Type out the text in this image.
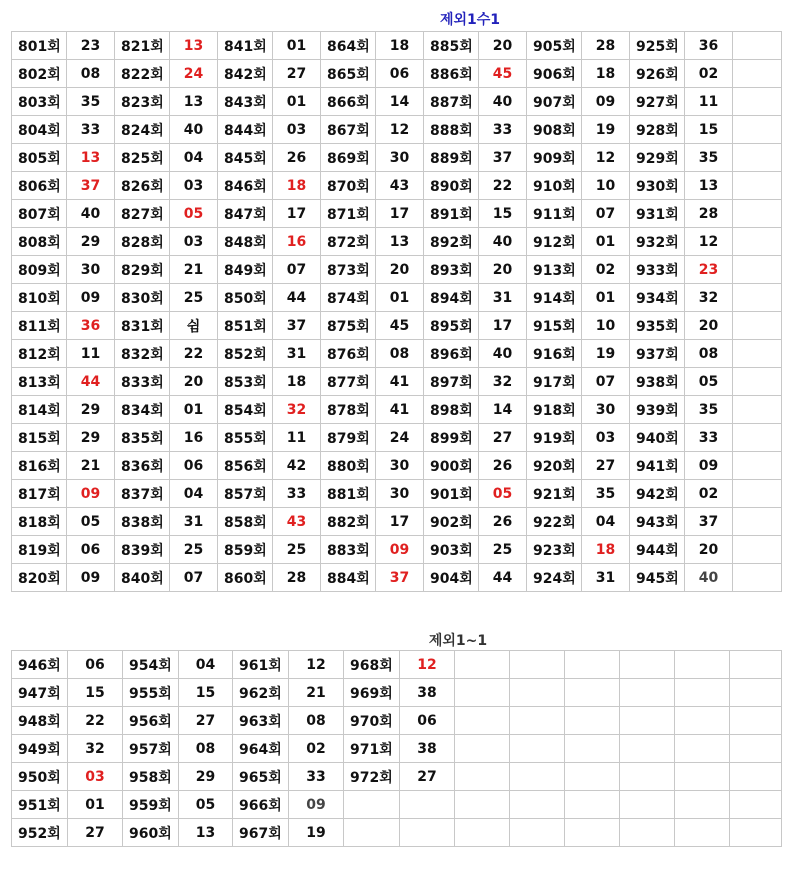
제외1수1
801회	23	821회	13	841회	01	864회	18	885회	20	905회	28	925회	36	
802회	08	822회	24	842회	27	865회	06	886회	45	906회	18	926회	02	
803회	35	823회	13	843회	01	866회	14	887회	40	907회	09	927회	11	
804회	33	824회	40	844회	03	867회	12	888회	33	908회	19	928회	15	
805회	13	825회	04	845회	26	869회	30	889회	37	909회	12	929회	35	
806회	37	826회	03	846회	18	870회	43	890회	22	910회	10	930회	13	
807회	40	827회	05	847회	17	871회	17	891회	15	911회	07	931회	28	
808회	29	828회	03	848회	16	872회	13	892회	40	912회	01	932회	12	
809회	30	829회	21	849회	07	873회	20	893회	20	913회	02	933회	23	
810회	09	830회	25	850회	44	874회	01	894회	31	914회	01	934회	32	
811회	36	831회	쉼	851회	37	875회	45	895회	17	915회	10	935회	20	
812회	11	832회	22	852회	31	876회	08	896회	40	916회	19	937회	08	
813회	44	833회	20	853회	18	877회	41	897회	32	917회	07	938회	05	
814회	29	834회	01	854회	32	878회	41	898회	14	918회	30	939회	35	
815회	29	835회	16	855회	11	879회	24	899회	27	919회	03	940회	33	
816회	21	836회	06	856회	42	880회	30	900회	26	920회	27	941회	09	
817회	09	837회	04	857회	33	881회	30	901회	05	921회	35	942회	02	
818회	05	838회	31	858회	43	882회	17	902회	26	922회	04	943회	37	
819회	06	839회	25	859회	25	883회	09	903회	25	923회	18	944회	20	
820회	09	840회	07	860회	28	884회	37	904회	44	924회	31	945회	40	
제외1~1
946회	06	954회	04	961회	12	968회	12						
947회	15	955회	15	962회	21	969회	38						
948회	22	956회	27	963회	08	970회	06						
949회	32	957회	08	964회	02	971회	38						
950회	03	958회	29	965회	33	972회	27						
951회	01	959회	05	966회	09								
952회	27	960회	13	967회	19								
